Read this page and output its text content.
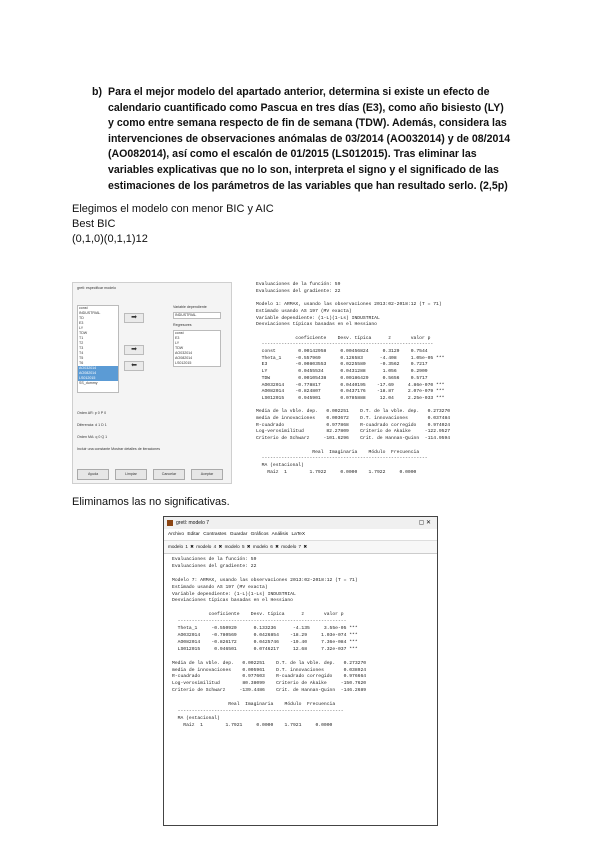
b) Para el mejor modelo del apartado anterior, determina si existe un efecto de calendario cuantificado como Pascua en tres días (E3), como año bisiesto (LY) y como entre semana respecto de fin de semana (TDW). Además, considera las intervenciones de observaciones anómalas de 03/2014 (AO032014) y de 08/2014 (AO082014), así como el escalón de 01/2015 (LS012015). Tras eliminar las variables explicativas que no lo son, interpreta el signo y el significado de las estimaciones de los parámetros de las variables que han resultado serlo. (2,5p)
Elegimos el modelo con menor BIC y AIC
Best BIC
(0,1,0)(0,1,1)12
gretl: especificar modelo
const
INDUSTRIAL
TD
E3
LY
TDW
T1
T2
T3
T4
T5
T6
AO032014
AO082014
LS012015
SS_dummy
➡
➡
⬅
Variable dependiente
INDUSTRIAL
Regresores
const
E3
LY
TDW
AO032014
AO082014
LS012015
Orden AR: p 0 P 0
Diferencia: d 1 D 1
Orden MA: q 0 Q 1
Incluir una constante Mostrar detalles de iteraciones
Ayuda	Limpiar	Cancelar	Aceptar
Evaluaciones de la función: 59
Evaluaciones del gradiente: 22

Modelo 1: ARMAX, usando las observaciones 2013:02-2018:12 (T = 71)
Estimado usando AS 197 (MV exacta)
Variable dependiente: (1-L)(1-Ls) INDUSTRIAL
Desviaciones típicas basadas en el Hessiano

coeficiente    Desv. típica      z       valor p
-------------------------------------------------------------
const        0.00142958     0.00456824     0.3129    0.7544
Theta_1     -0.557969       0.126583      -4.408     1.05e-05 ***
E3          -0.00803553     0.0225580     -0.3562    0.7217
LY           0.0455534      0.0431288      1.056     0.2909
TDW          0.00105438     0.00186429     0.5656    0.5717
AO032014    -0.778817       0.0440195    -17.69     4.86e-070 ***
AO082014    -0.824807       0.0437176    -18.87     2.07e-079 ***
LS012015     0.945901       0.0785888     12.04     2.25e-033 ***

Media de la vble. dep.   0.002251    D.T. de la vble. dep.   0.273270
media de innovaciones    0.003672    D.T. innovaciones       0.037484
R-cuadrado               0.977868    R-cuadrado corregido    0.974024
Log-verosimilitud        82.27809    Criterio de Akaike     -122.9527
Criterio de Schwarz     -101.6296    Crit. de Hannan-Quinn  -114.9594

Real  Imaginaria    Módulo  Frecuencia
-----------------------------------------------------------
MA (estacional)
Raíz  1        1.7922     0.0000    1.7922     0.0000
Eliminamos las no significativas.
gretl: modelo 7	▢ ✕
Archivo Editar Contrastes Guardar Gráficos Análisis LaTeX
modelo 1 ✖ modelo 4 ✖ modelo 5 ✖ modelo 6 ✖ modelo 7 ✖
Evaluaciones de la función: 59
Evaluaciones del gradiente: 22

Modelo 7: ARMAX, usando las observaciones 2013:02-2018:12 (T = 71)
Estimado usando AS 197 (MV exacta)
Variable dependiente: (1-L)(1-Ls) INDUSTRIAL
Desviaciones típicas basadas en el Hessiano

coeficiente    Desv. típica      z       valor p
------------------------------------------------------------
Theta_1     -0.550920      0.133236      -4.135     3.55e-05 ***
AO032014    -0.780569      0.0426854    -18.29     1.03e-074 ***
AO082014    -0.826172      0.0425746    -19.40     7.36e-084 ***
LS012015     0.946501      0.0746217     12.68     7.32e-037 ***

Media de la vble. dep.   0.002251    D.T. de la vble. dep.   0.273270
media de innovaciones    0.005961    D.T. innovaciones       0.038924
R-cuadrado               0.977603    R-cuadrado corregido    0.976664
Log-verosimilitud        80.38099    Criterio de Akaike     -150.7620
Criterio de Schwarz     -139.4486    Crit. de Hannan-Quinn  -146.2689

Real  Imaginaria    Módulo  Frecuencia
-----------------------------------------------------------
MA (estacional)
Raíz  1        1.7921     0.0000    1.7921     0.0000
